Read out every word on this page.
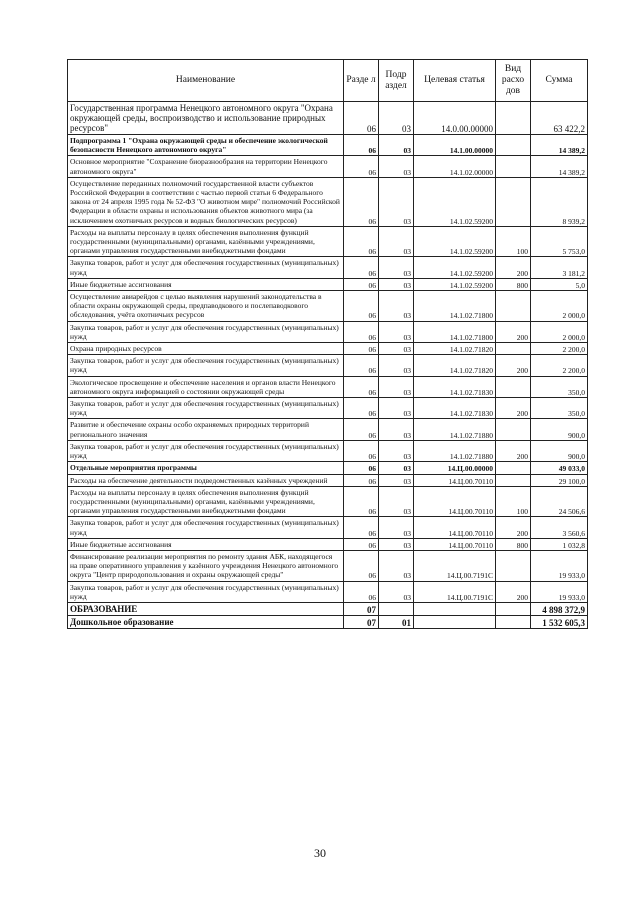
Наименование	Разде л	Подр аздел	Целевая статья	Вид расхо дов	Сумма
Государственная программа Ненецкого автономного округа "Охрана окружающей среды, воспроизводство и использование природных ресурсов"	06	03	14.0.00.00000		63 422,2
Подпрограмма 1 "Охрана окружающей среды и обеспечение экологической безопасности Ненецкого автономного округа"	06	03	14.1.00.00000		14 389,2
Основное мероприятие "Сохранение биоразнообразия на территории Ненецкого автономного округа"	06	03	14.1.02.00000		14 389,2
Осуществление переданных полномочий государственной власти субъектов Российской Федерации в соответствии с частью первой статьи 6 Федерального закона от 24 апреля 1995 года № 52-ФЗ "О животном мире" полномочий Российской Федерации в области охраны и использования объектов животного мира (за исключением охотничьих ресурсов и водных биологических ресурсов)	06	03	14.1.02.59200		8 939,2
Расходы на выплаты персоналу в целях обеспечения выполнения функций государственными (муниципальными) органами, казёнными учреждениями, органами управления государственными внебюджетными фондами	06	03	14.1.02.59200	100	5 753,0
Закупка товаров, работ и услуг для обеспечения государственных (муниципальных) нужд	06	03	14.1.02.59200	200	3 181,2
Иные бюджетные ассигнования	06	03	14.1.02.59200	800	5,0
Осуществление авиарейдов с целью выявления нарушений законодательства в области охраны окружающей среды, предпаводкового и послепаводкового обследования, учёта охотничьих ресурсов	06	03	14.1.02.71800		2 000,0
Закупка товаров, работ и услуг для обеспечения государственных (муниципальных) нужд	06	03	14.1.02.71800	200	2 000,0
Охрана природных ресурсов	06	03	14.1.02.71820		2 200,0
Закупка товаров, работ и услуг для обеспечения государственных (муниципальных) нужд	06	03	14.1.02.71820	200	2 200,0
Экологическое просвещение и обеспечение населения и органов власти Ненецкого автономного округа информацией о состоянии окружающей среды	06	03	14.1.02.71830		350,0
Закупка товаров, работ и услуг для обеспечения государственных (муниципальных) нужд	06	03	14.1.02.71830	200	350,0
Развитие и обеспечение охраны особо охраняемых природных территорий регионального значения	06	03	14.1.02.71880		900,0
Закупка товаров, работ и услуг для обеспечения государственных (муниципальных) нужд	06	03	14.1.02.71880	200	900,0
Отдельные мероприятия программы	06	03	14.Ц.00.00000		49 033,0
Расходы на обеспечение деятельности подведомственных казённых учреждений	06	03	14.Ц.00.70110		29 100,0
Расходы на выплаты персоналу в целях обеспечения выполнения функций государственными (муниципальными) органами, казёнными учреждениями, органами управления государственными внебюджетными фондами	06	03	14.Ц.00.70110	100	24 506,6
Закупка товаров, работ и услуг для обеспечения государственных (муниципальных) нужд	06	03	14.Ц.00.70110	200	3 560,6
Иные бюджетные ассигнования	06	03	14.Ц.00.70110	800	1 032,8
Финансирование реализации мероприятия по ремонту здания АБК, находящегося на праве оперативного управления у казённого учреждения Ненецкого автономного округа "Центр природопользования и охраны окружающей среды"	06	03	14.Ц.00.7191С		19 933,0
Закупка товаров, работ и услуг для обеспечения государственных (муниципальных) нужд	06	03	14.Ц.00.7191С	200	19 933,0
ОБРАЗОВАНИЕ	07				4 898 372,9
Дошкольное образование	07	01			1 532 605,3
30
